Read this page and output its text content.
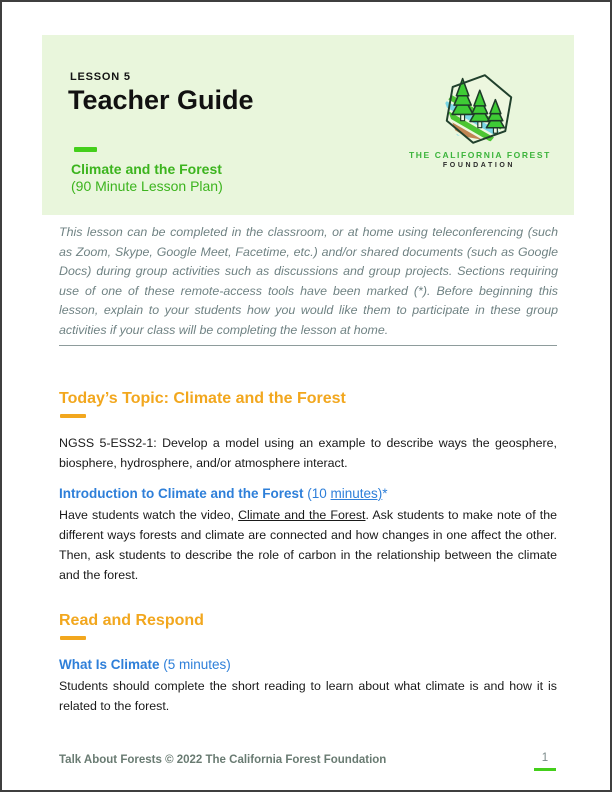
LESSON 5
Teacher Guide
Climate and the Forest
(90 Minute Lesson Plan)
THE CALIFORNIA FOREST
FOUNDATION

This lesson can be completed in the classroom, or at home using teleconferencing (such as Zoom, Skype, Google Meet, Facetime, etc.) and/or shared documents (such as Google Docs) during group activities such as discussions and group projects. Sections requiring use of one of these remote-access tools have been marked (*). Before beginning this lesson, explain to your students how you would like them to participate in these group activities if your class will be completing the lesson at home.

Today’s Topic: Climate and the Forest

NGSS 5-ESS2-1: Develop a model using an example to describe ways the geosphere, biosphere, hydrosphere, and/or atmosphere interact.

Introduction to Climate and the Forest (10 minutes)*

Have students watch the video, Climate and the Forest. Ask students to make note of the different ways forests and climate are connected and how changes in one affect the other. Then, ask students to describe the role of carbon in the relationship between the climate and the forest.

Read and Respond
What Is Climate (5 minutes)

Students should complete the short reading to learn about what climate is and how it is related to the forest.

Talk About Forests © 2022 The California Forest Foundation	1
